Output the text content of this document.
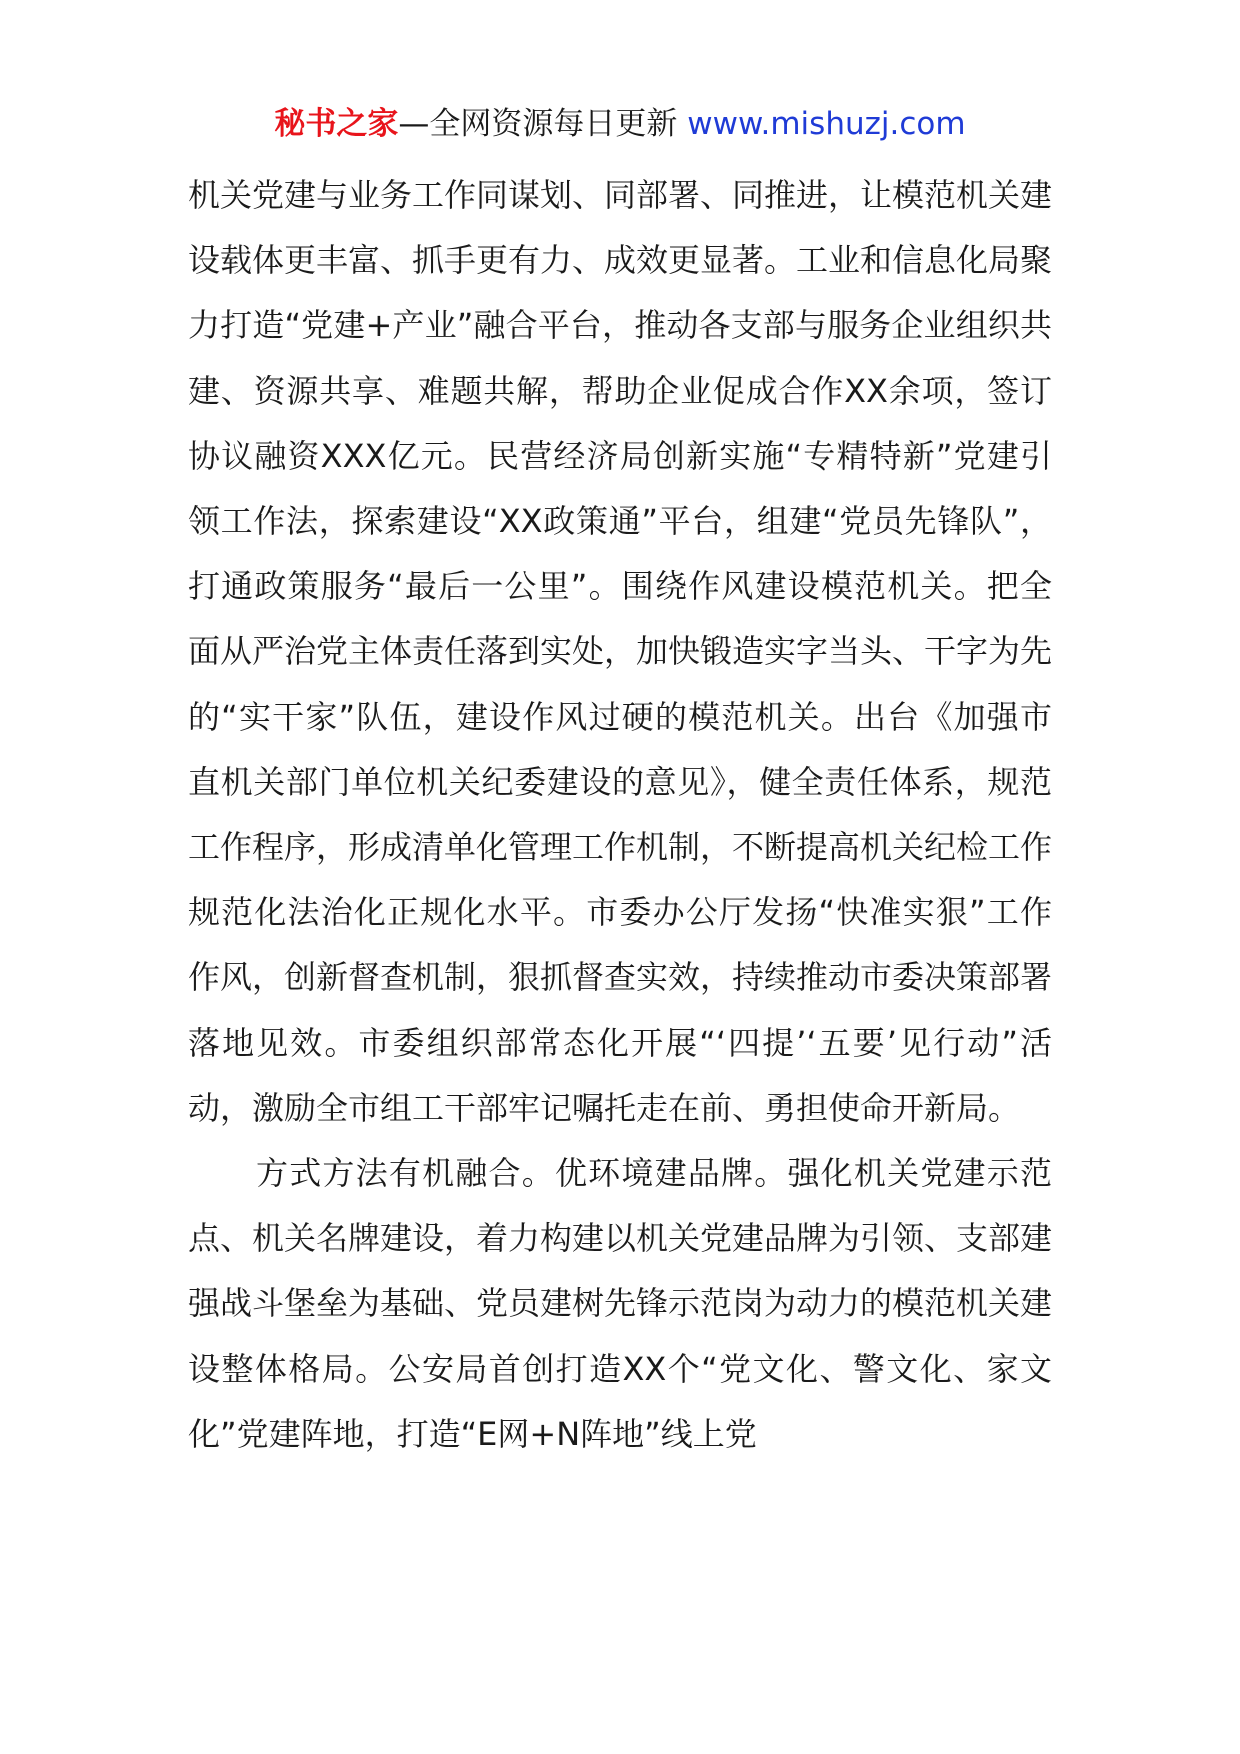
秘书之家—全网资源每日更新 www.mishuzj.com

机关党建与业务工作同谋划、同部署、同推进，让模范机关建设载体更丰富、抓手更有力、成效更显著。工业和信息化局聚力打造“党建+产业”融合平台，推动各支部与服务企业组织共建、资源共享、难题共解，帮助企业促成合作XX余项，签订协议融资XXX亿元。民营经济局创新实施“专精特新”党建引领工作法，探索建设“XX政策通”平台，组建“党员先锋队”，打通政策服务“最后一公里”。围绕作风建设模范机关。把全面从严治党主体责任落到实处，加快锻造实字当头、干字为先的“实干家”队伍，建设作风过硬的模范机关。出台《加强市直机关部门单位机关纪委建设的意见》，健全责任体系，规范工作程序，形成清单化管理工作机制，不断提高机关纪检工作规范化法治化正规化水平。市委办公厅发扬“快准实狠”工作作风，创新督查机制，狠抓督查实效，持续推动市委决策部署落地见效。市委组织部常态化开展“‘四提’‘五要’见行动”活动，激励全市组工干部牢记嘱托走在前、勇担使命开新局。

方式方法有机融合。优环境建品牌。强化机关党建示范点、机关名牌建设，着力构建以机关党建品牌为引领、支部建强战斗堡垒为基础、党员建树先锋示范岗为动力的模范机关建设整体格局。公安局首创打造XX个“党文化、警文化、家文化”党建阵地，打造“E网+N阵地”线上党
